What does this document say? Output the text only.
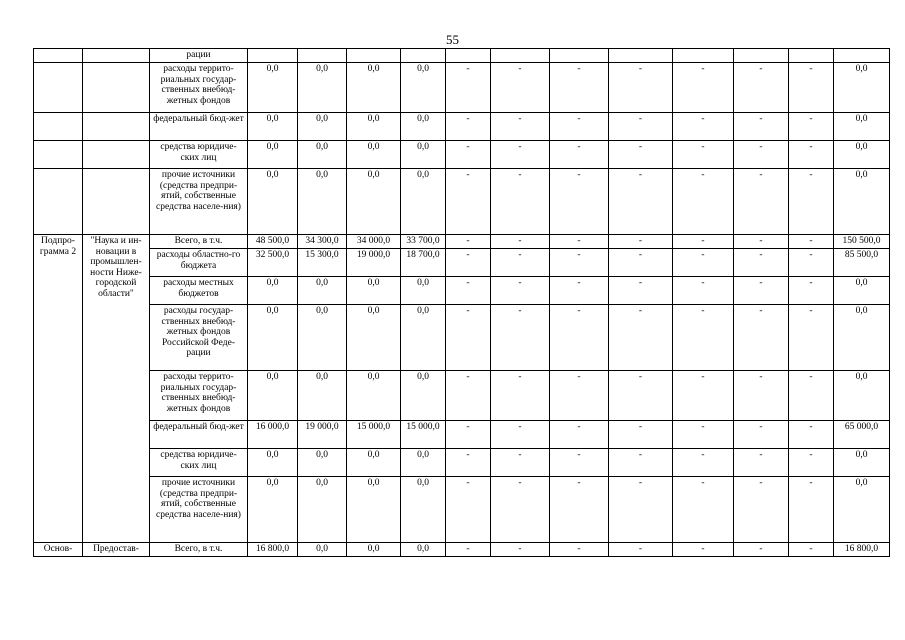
55
		рации													
		расходы террито-риальных государ-ственных внебюд-жетных фондов	0,0	0,0	0,0	0,0	-	-	-	-	-	-	-	0,0	
		федеральный бюд-жет	0,0	0,0	0,0	0,0	-	-	-	-	-	-	-	0,0	
		средства юридиче-ских лиц	0,0	0,0	0,0	0,0	-	-	-	-	-	-	-	0,0	
		прочие источники (средства предпри-ятий, собственные средства населе-ния)	0,0	0,0	0,0	0,0	-	-	-	-	-	-	-	0,0	
Подпро-грамма 2	"Наука и ин-новации в промышлен-ности Ниже-городской области"	Всего, в т.ч.	48 500,0	34 300,0	34 000,0	33 700,0	-	-	-	-	-	-	-	150 500,0	
		расходы областно-го бюджета	32 500,0	15 300,0	19 000,0	18 700,0	-	-	-	-	-	-	-	85 500,0	
		расходы местных бюджетов	0,0	0,0	0,0	0,0	-	-	-	-	-	-	-	0,0	
		расходы государ-ственных внебюд-жетных фондов Российской Феде-рации	0,0	0,0	0,0	0,0	-	-	-	-	-	-	-	0,0	
		расходы террито-риальных государ-ственных внебюд-жетных фондов	0,0	0,0	0,0	0,0	-	-	-	-	-	-	-	0,0	
		федеральный бюд-жет	16 000,0	19 000,0	15 000,0	15 000,0	-	-	-	-	-	-	-	65 000,0	
		средства юридиче-ских лиц	0,0	0,0	0,0	0,0	-	-	-	-	-	-	-	0,0	
		прочие источники (средства предпри-ятий, собственные средства населе-ния)	0,0	0,0	0,0	0,0	-	-	-	-	-	-	-	0,0	
Основ-	Предостав-	Всего, в т.ч.	16 800,0	0,0	0,0	0,0	-	-	-	-	-	-	-	16 800,0	
